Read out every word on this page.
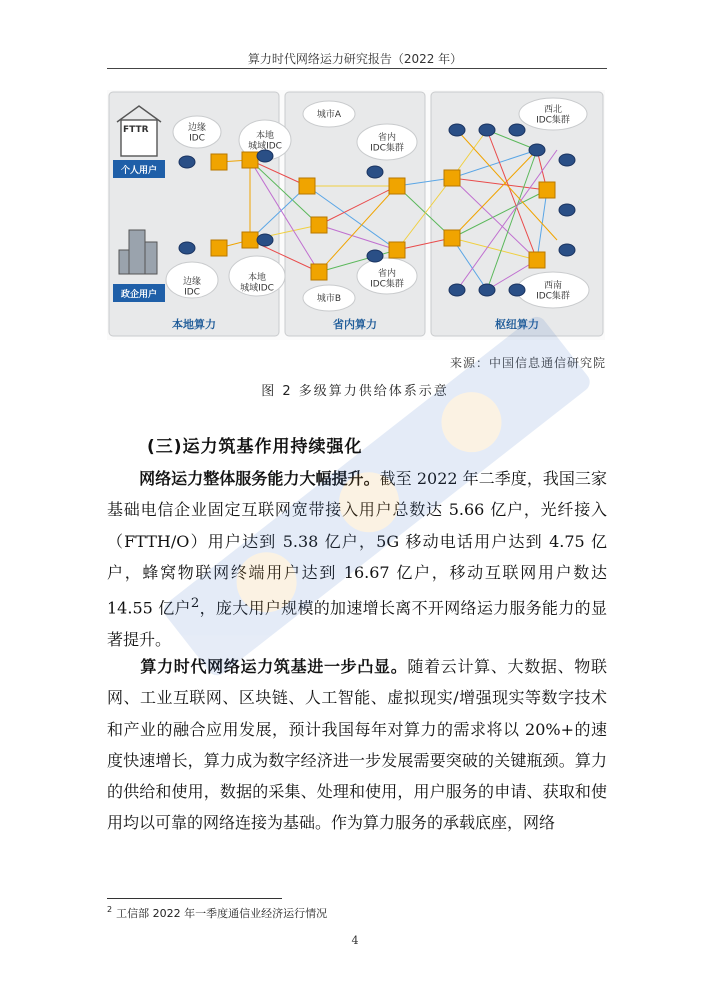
算力时代网络运力研究报告（2022 年）
FTTR
个人用户
政企用户
边缘 IDC	本地城域IDC
边缘 IDC
本地城域IDC
城市A
城市B
省内 IDC集群
省内 IDC集群
西北 IDC集群
西南 IDC集群
本地算力	省内算力	枢纽算力
来源：中国信息通信研究院
图 2 多级算力供给体系示意
(三)运力筑基作用持续强化

　　网络运力整体服务能力大幅提升。截至 2022 年二季度，我国三家基础电信企业固定互联网宽带接入用户总数达 5.66 亿户，光纤接入（FTTH/O）用户达到 5.38 亿户，5G 移动电话用户达到 4.75 亿户，蜂窝物联网终端用户达到 16.67 亿户，移动互联网用户数达 14.55 亿户$^2$，庞大用户规模的加速增长离不开网络运力服务能力的显著提升。

　　算力时代网络运力筑基进一步凸显。随着云计算、大数据、物联网、工业互联网、区块链、人工智能、虚拟现实/增强现实等数字技术和产业的融合应用发展，预计我国每年对算力的需求将以 20%+的速度快速增长，算力成为数字经济进一步发展需要突破的关键瓶颈。算力的供给和使用，数据的采集、处理和使用，用户服务的申请、获取和使用均以可靠的网络连接为基础。作为算力服务的承载底座，网络

$^2$ 工信部 2022 年一季度通信业经济运行情况
4
